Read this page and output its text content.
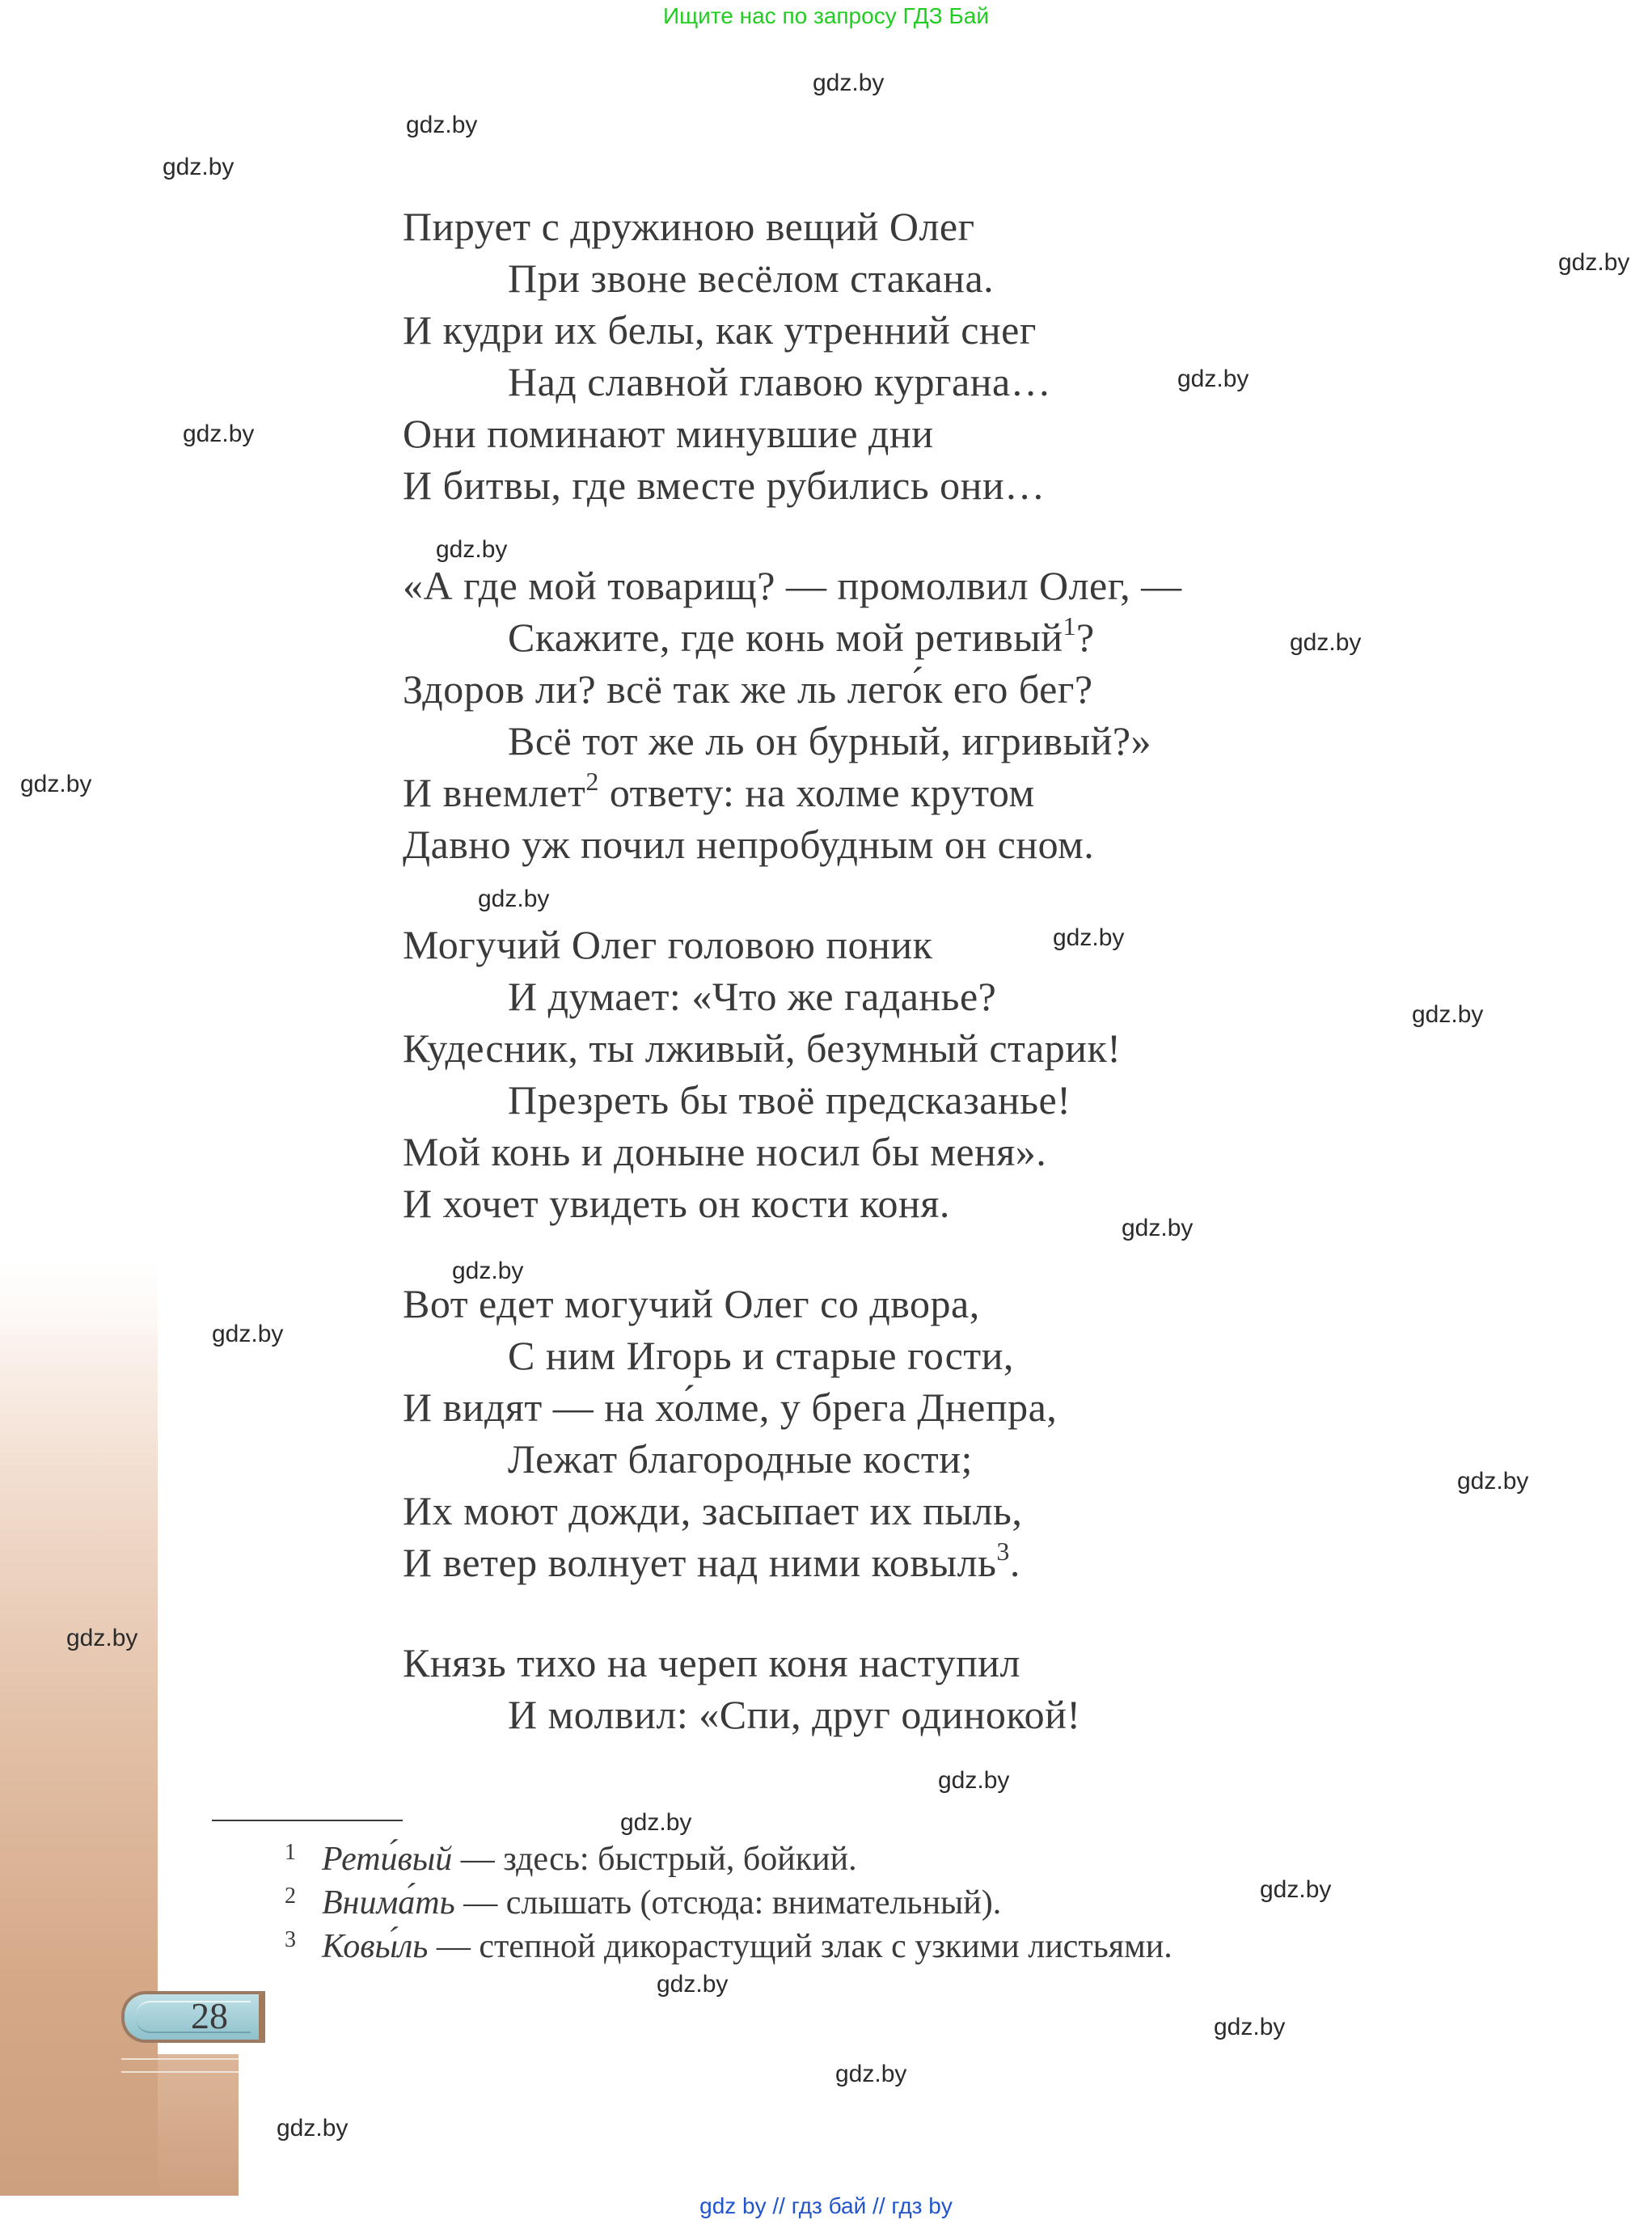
Ищите нас по запросу ГДЗ Бай
gdz.by
gdz.by
gdz.by
gdz.by
gdz.by
gdz.by
gdz.by
gdz.by
gdz.by
gdz.by
gdz.by
gdz.by
gdz.by
gdz.by
gdz.by
gdz.by
gdz.by
gdz.by
gdz.by
gdz.by
gdz.by
gdz.by
gdz.by
gdz.by
Пирует с дружиною вещий Олег
При звоне весёлом стакана.
И кудри их белы, как утренний снег
Над славной главою кургана…
Они поминают минувшие дни
И битвы, где вместе рубились они…
«А где мой товарищ? — промолвил Олег, —
Скажите, где конь мой ретивый$^1$?
Здоров ли? всё так же ль лего́к его бег?
Всё тот же ль он бурный, игривый?»
И внемлет$^2$ ответу: на холме крутом
Давно уж почил непробудным он сном.
Могучий Олег головою поник
И думает: «Что же гаданье?
Кудесник, ты лживый, безумный старик!
Презреть бы твоё предсказанье!
Мой конь и доныне носил бы меня».
И хочет увидеть он кости коня.
Вот едет могучий Олег со двора,
С ним Игорь и старые гости,
И видят — на хо́лме, у брега Днепра,
Лежат благородные кости;
Их моют дожди, засыпает их пыль,
И ветер волнует над ними ковыль$^3$.
Князь тихо на череп коня наступил
И молвил: «Спи, друг одинокой!
1 Рети́вый — здесь: быстрый, бойкий.
2 Внима́ть — слышать (отсюда: внимательный).
3 Ковы́ль — степной дикорастущий злак с узкими листьями.
28
gdz by // гдз бай // гдз by
